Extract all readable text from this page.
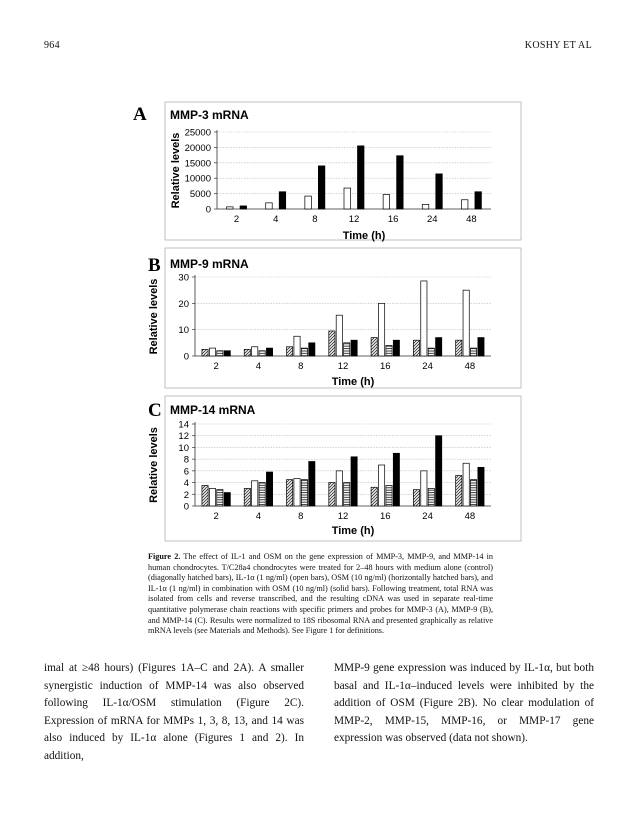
964	KOSHY ET AL
A MMP-3 mRNA
0
5000
10000
15000
20000
25000
Relative levels
2	4	8	12	16	24	48
Time (h)
B MMP-9 mRNA
0
10
20
30
Relative levels
2	4	8	12	16	24	48
Time (h)
C MMP-14 mRNA
0
2
4
6
8
10
12
14
Relative levels
2	4	8	12	16	24	48
Time (h)
Figure 2. The effect of IL-1 and OSM on the gene expression of MMP-3, MMP-9, and MMP-14 in human chondrocytes. T/C28a4 chondrocytes were treated for 2–48 hours with medium alone (control) (diagonally hatched bars), IL-1α (1 ng/ml) (open bars), OSM (10 ng/ml) (horizontally hatched bars), and IL-1α (1 ng/ml) in combination with OSM (10 ng/ml) (solid bars). Following treatment, total RNA was isolated from cells and reverse transcribed, and the resulting cDNA was used in separate real-time quantitative polymerase chain reactions with specific primers and probes for MMP-3 (A), MMP-9 (B), and MMP-14 (C). Results were normalized to 18S ribosomal RNA and presented graphically as relative mRNA levels (see Materials and Methods). See Figure 1 for definitions.
imal at ≥48 hours) (Figures 1A–C and 2A). A smaller synergistic induction of MMP-14 was also observed following IL-1α/OSM stimulation (Figure 2C). Expression of mRNA for MMPs 1, 3, 8, 13, and 14 was also induced by IL-1α alone (Figures 1 and 2). In addition,
MMP-9 gene expression was induced by IL-1α, but both basal and IL-1α–induced levels were inhibited by the addition of OSM (Figure 2B). No clear modulation of MMP-2, MMP-15, MMP-16, or MMP-17 gene expression was observed (data not shown).
